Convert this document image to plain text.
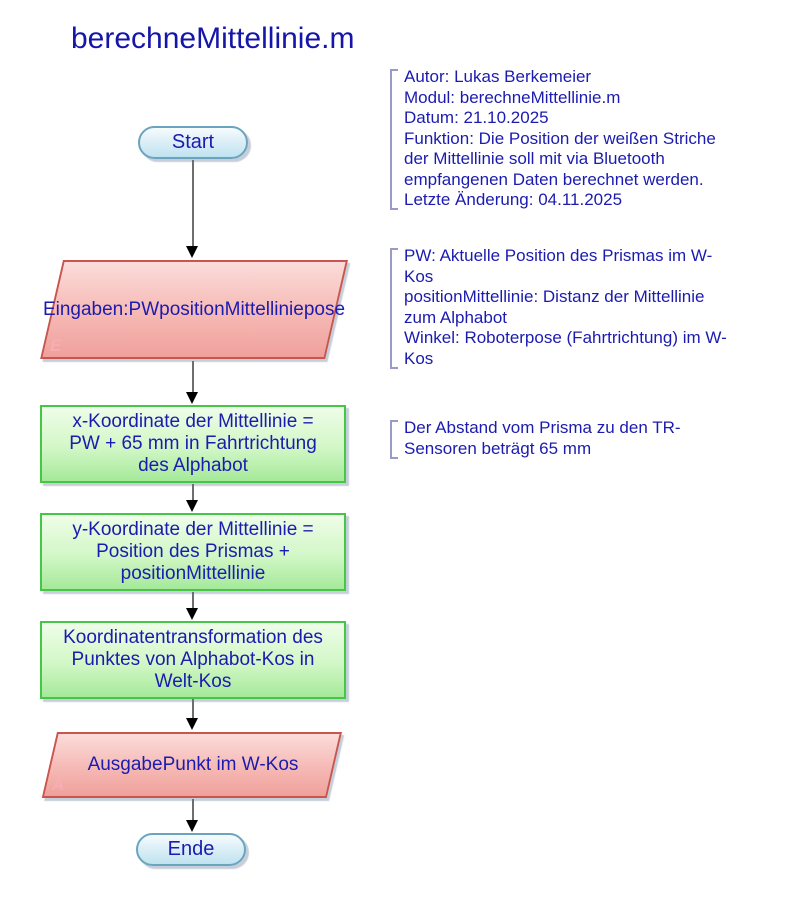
berechneMittellinie.m
Start
E
Eingaben: PW positionMittellinie pose
x-Koordinate der Mittellinie =
PW + 65 mm in Fahrtrichtung
des Alphabot
y-Koordinate der Mittellinie =
Position des Prismas +
positionMittellinie
Koordinatentransformation des
Punktes von Alphabot-Kos in
Welt-Kos
A
Ausgabe Punkt im W-Kos
Ende
Autor: Lukas Berkemeier
Modul: berechneMittellinie.m
Datum: 21.10.2025
Funktion: Die Position der weißen Striche
der Mittellinie soll mit via Bluetooth
empfangenen Daten berechnet werden.
Letzte Änderung: 04.11.2025
PW: Aktuelle Position des Prismas im W-
Kos
positionMittellinie: Distanz der Mittellinie
zum Alphabot
Winkel: Roboterpose (Fahrtrichtung) im W-
Kos
Der Abstand vom Prisma zu den TR-
Sensoren beträgt 65 mm
